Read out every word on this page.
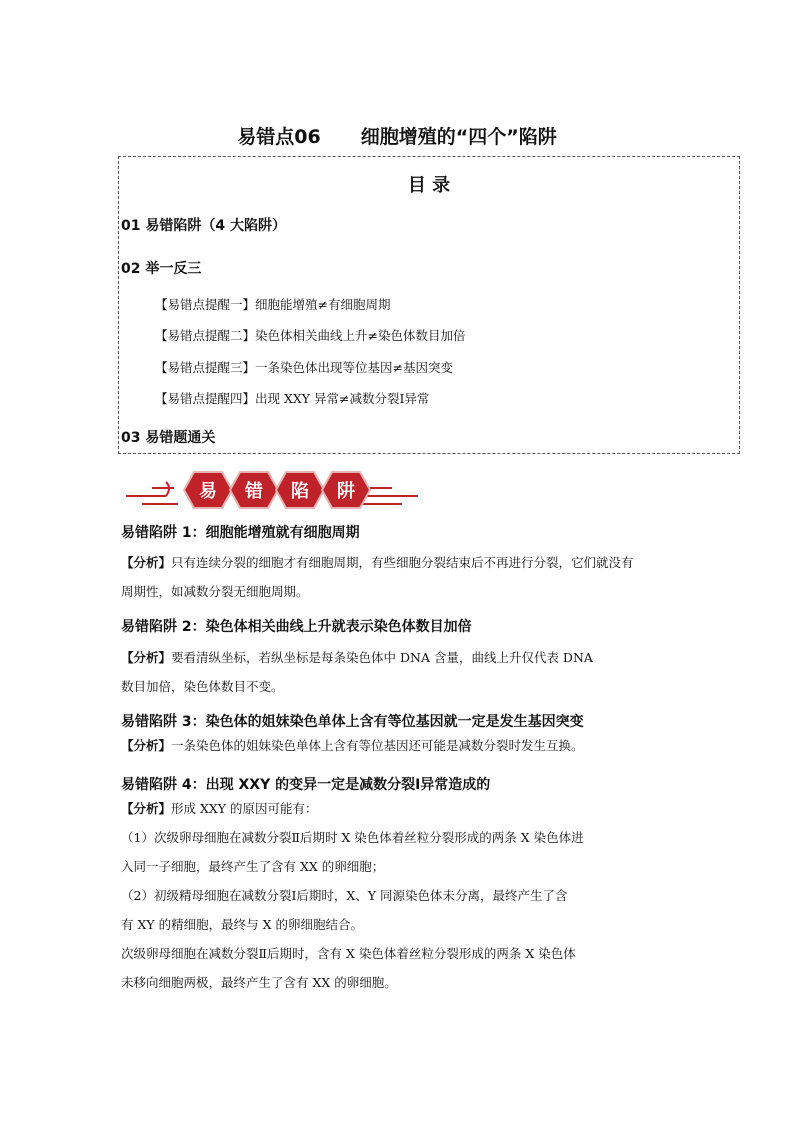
易错点06 细胞增殖的“四个”陷阱
目 录
01 易错陷阱（4 大陷阱）
02 举一反三
【易错点提醒一】细胞能增殖≠有细胞周期
【易错点提醒二】染色体相关曲线上升≠染色体数目加倍
【易错点提醒三】一条染色体出现等位基因≠基因突变
【易错点提醒四】出现 XXY 异常≠减数分裂Ⅰ异常
03 易错题通关
易 错 陷 阱
易错陷阱 1：细胞能增殖就有细胞周期
【分析】只有连续分裂的细胞才有细胞周期，有些细胞分裂结束后不再进行分裂，它们就没有
周期性，如减数分裂无细胞周期。
易错陷阱 2：染色体相关曲线上升就表示染色体数目加倍
【分析】要看清纵坐标，若纵坐标是每条染色体中 DNA 含量，曲线上升仅代表 DNA
数目加倍，染色体数目不变。
易错陷阱 3：染色体的姐妹染色单体上含有等位基因就一定是发生基因突变
【分析】一条染色体的姐妹染色单体上含有等位基因还可能是减数分裂时发生互换。
易错陷阱 4：出现 XXY 的变异一定是减数分裂Ⅰ异常造成的
【分析】形成 XXY 的原因可能有：
（1）次级卵母细胞在减数分裂Ⅱ后期时 X 染色体着丝粒分裂形成的两条 X 染色体进
入同一子细胞，最终产生了含有 XX 的卵细胞；
（2）初级精母细胞在减数分裂Ⅰ后期时，X、Y 同源染色体未分离，最终产生了含
有 XY 的精细胞，最终与 X 的卵细胞结合。
次级卵母细胞在减数分裂Ⅱ后期时，含有 X 染色体着丝粒分裂形成的两条 X 染色体
未移向细胞两极，最终产生了含有 XX 的卵细胞。
